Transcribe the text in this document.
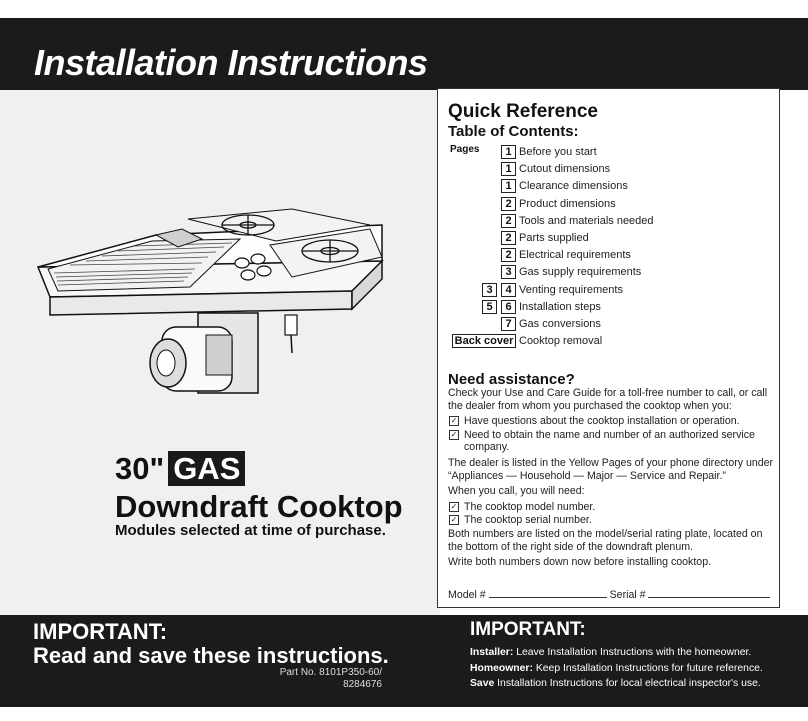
Installation Instructions
30" GAS
Downdraft Cooktop
Modules selected at time of purchase.
Quick Reference
Table of Contents:
Pages	1 Before you start
1 Cutout dimensions
1 Clearance dimensions
2 Product dimensions
2 Tools and materials needed
2 Parts supplied
2 Electrical requirements
3 Gas supply requirements
3	4 Venting requirements
5	6 Installation steps
7 Gas conversions
Back cover Cooktop removal
Need assistance?

Check your Use and Care Guide for a toll-free number to call, or call the dealer from whom you purchased the cooktop when you:

✓ Have questions about the cooktop installation or operation.
✓ Need to obtain the name and number of an authorized service company.

The dealer is listed in the Yellow Pages of your phone directory under “Appliances — Household — Major — Service and Repair.”

When you call, you will need:

✓ The cooktop model number.
✓ The cooktop serial number.

Both numbers are listed on the model/serial rating plate, located on the bottom of the right side of the downdraft plenum.

Write both numbers down now before installing cooktop.

Model #	Serial #
IMPORTANT:
Read and save these instructions.
Part No. 8101P350-60/
8284676
IMPORTANT:
Installer: Leave Installation Instructions with the homeowner.
Homeowner: Keep Installation Instructions for future reference.
Save Installation Instructions for local electrical inspector's use.
